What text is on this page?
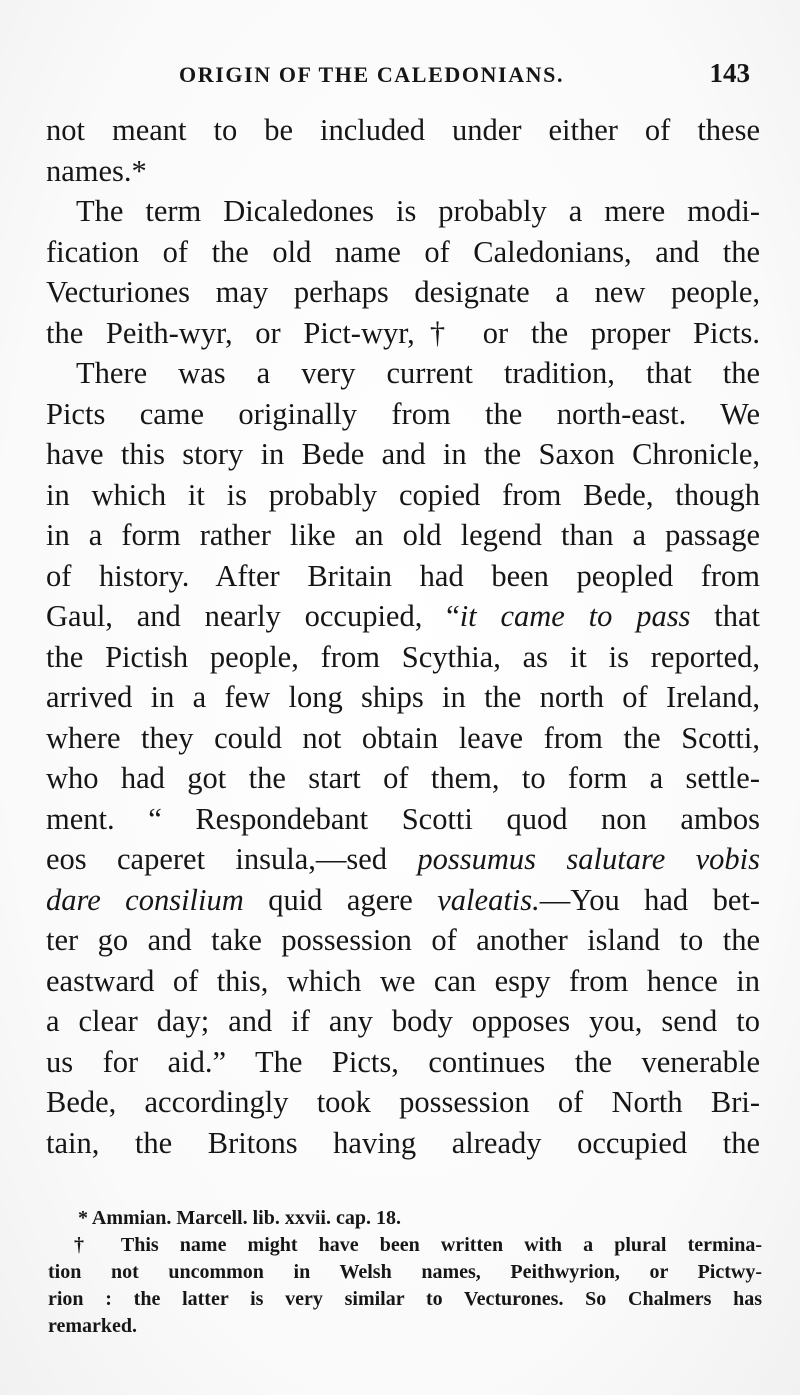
ORIGIN OF THE CALEDONIANS.	143

not meant to be included under either of these
names.*

The term Dicaledones is probably a mere modi-
fication of the old name of Caledonians, and the
Vecturiones may perhaps designate a new people,
the Peith-wyr, or Pict-wyr,† or the proper Picts.

There was a very current tradition, that the
Picts came originally from the north-east. We
have this story in Bede and in the Saxon Chronicle,
in which it is probably copied from Bede, though
in a form rather like an old legend than a passage
of history. After Britain had been peopled from
Gaul, and nearly occupied, “it came to pass that
the Pictish people, from Scythia, as it is reported,
arrived in a few long ships in the north of Ireland,
where they could not obtain leave from the Scotti,
who had got the start of them, to form a settle-
ment. “ Respondebant Scotti quod non ambos
eos caperet insula,—sed possumus salutare vobis
dare consilium quid agere valeatis.—You had bet-
ter go and take possession of another island to the
eastward of this, which we can espy from hence in
a clear day; and if any body opposes you, send to
us for aid.” The Picts, continues the venerable
Bede, accordingly took possession of North Bri-
tain, the Britons having already occupied the

* Ammian. Marcell. lib. xxvii. cap. 18.
† This name might have been written with a plural termina-
tion not uncommon in Welsh names, Peithwyrion, or Pictwy-
rion : the latter is very similar to Vecturones. So Chalmers has
remarked.
